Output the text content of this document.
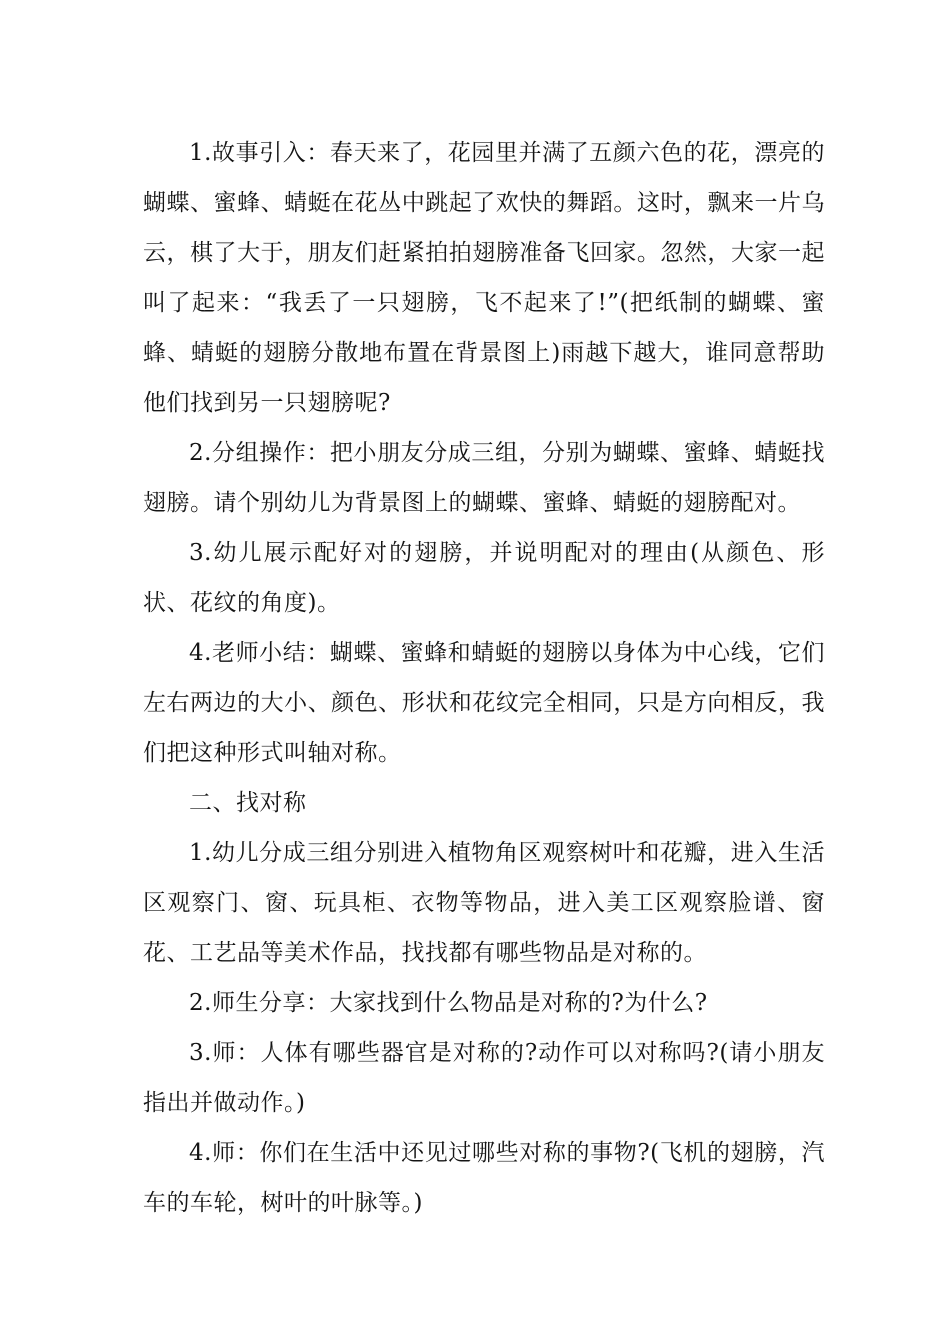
1.故事引入：春天来了，花园里并满了五颜六色的花，漂亮的蝴蝶、蜜蜂、蜻蜓在花丛中跳起了欢快的舞蹈。这时，飘来一片乌云，棋了大于，朋友们赶紧拍拍翅膀准备飞回家。忽然，大家一起叫了起来：“我丢了一只翅膀，飞不起来了!”(把纸制的蝴蝶、蜜蜂、蜻蜓的翅膀分散地布置在背景图上)雨越下越大，谁同意帮助他们找到另一只翅膀呢?

2.分组操作：把小朋友分成三组，分别为蝴蝶、蜜蜂、蜻蜓找翅膀。请个别幼儿为背景图上的蝴蝶、蜜蜂、蜻蜓的翅膀配对。

3.幼儿展示配好对的翅膀，并说明配对的理由(从颜色、形状、花纹的角度)。

4.老师小结：蝴蝶、蜜蜂和蜻蜓的翅膀以身体为中心线，它们左右两边的大小、颜色、形状和花纹完全相同，只是方向相反，我们把这种形式叫轴对称。

二、找对称

1.幼儿分成三组分别进入植物角区观察树叶和花瓣，进入生活区观察门、窗、玩具柜、衣物等物品，进入美工区观察脸谱、窗花、工艺品等美术作品，找找都有哪些物品是对称的。

2.师生分享：大家找到什么物品是对称的?为什么?

3.师：人体有哪些器官是对称的?动作可以对称吗?(请小朋友指出并做动作。)

4.师：你们在生活中还见过哪些对称的事物?(飞机的翅膀，汽车的车轮，树叶的叶脉等。)
